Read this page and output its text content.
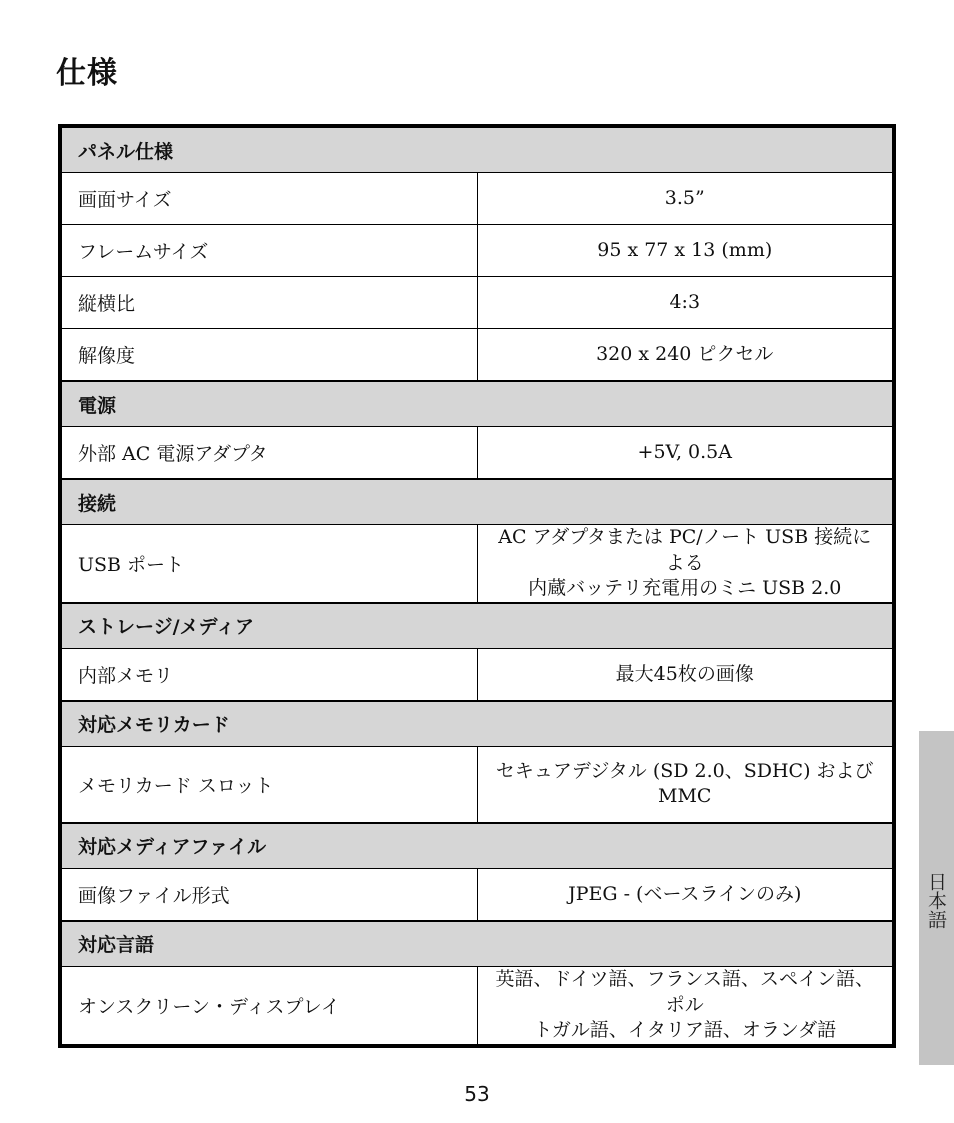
仕様
パネル仕様	
画面サイズ	3.5”
フレームサイズ	95 x 77 x 13 (mm)
縦横比	4:3
解像度	320 x 240 ピクセル
電源	
外部 AC 電源アダプタ	+5V, 0.5A
接続	
USB ポート	AC アダプタまたは PC/ノート USB 接続による
内蔵バッテリ充電用のミニ USB 2.0

ストレージ/メディア	
内部メモリ	最大45枚の画像
対応メモリカード	
メモリカード スロット	セキュアデジタル (SD 2.0、SDHC) および
MMC

対応メディアファイル	
画像ファイル形式	JPEG - (ベースラインのみ)
対応言語	
オンスクリーン・ディスプレイ	英語、ドイツ語、フランス語、スペイン語、ポル
トガル語、イタリア語、オランダ語
日本語
53
